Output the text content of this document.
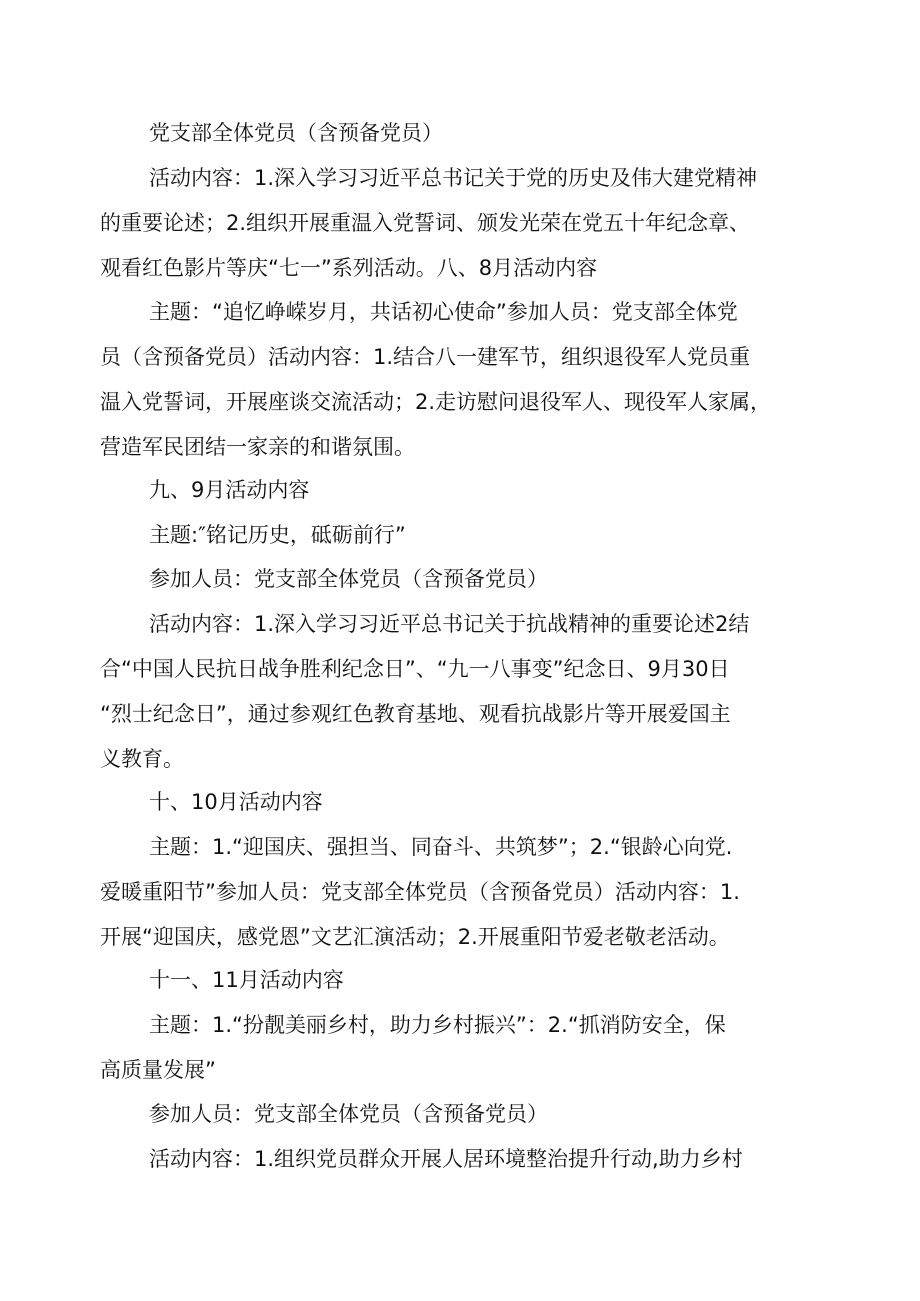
党支部全体党员（含预备党员）

活动内容：1.深入学习习近平总书记关于党的历史及伟大建党精神
的重要论述；2.组织开展重温入党誓词、颁发光荣在党五十年纪念章、
观看红色影片等庆“七一”系列活动。八、8月活动内容

主题：“追忆峥嵘岁月，共话初心使命”参加人员：党支部全体党
员（含预备党员）活动内容：1.结合八一建军节，组织退役军人党员重
温入党誓词，开展座谈交流活动；2.走访慰问退役军人、现役军人家属，
营造军民团结一家亲的和谐氛围。

九、9月活动内容

主题:″铭记历史，砥砺前行”

参加人员：党支部全体党员（含预备党员）

活动内容：1.深入学习习近平总书记关于抗战精神的重要论述2结
合“中国人民抗日战争胜利纪念日”、“九一八事变”纪念日、9月30日
“烈士纪念日”，通过参观红色教育基地、观看抗战影片等开展爱国主
义教育。

十、10月活动内容

主题：1.“迎国庆、强担当、同奋斗、共筑梦”；2.“银龄心向党.
爱暖重阳节”参加人员：党支部全体党员（含预备党员）活动内容：1.
开展“迎国庆，感党恩”文艺汇演活动；2.开展重阳节爱老敬老活动。

十一、11月活动内容

主题：1.“扮靓美丽乡村，助力乡村振兴”：2.“抓消防安全，保
高质量发展”

参加人员：党支部全体党员（含预备党员）

活动内容：1.组织党员群众开展人居环境整治提升行动,助力乡村
